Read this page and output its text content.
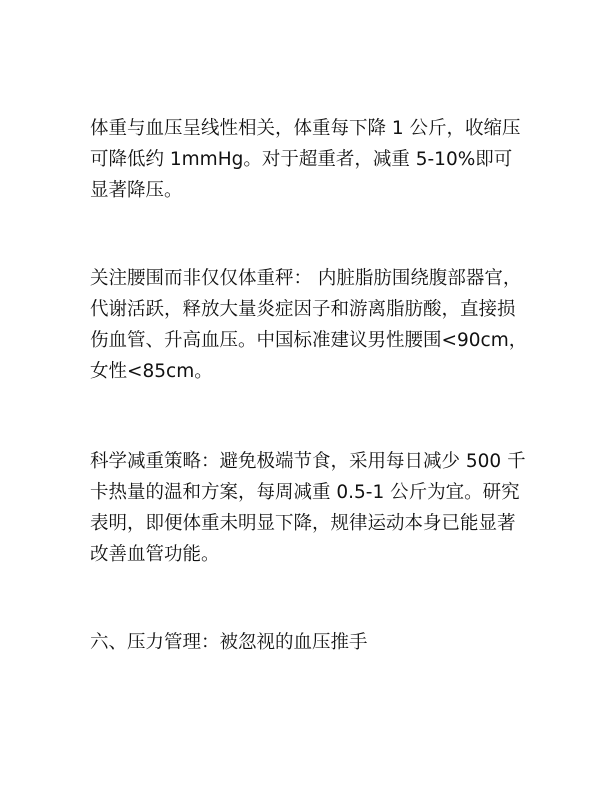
体重与血压呈线性相关，体重每下降 1 公斤，收缩压可降低约 1mmHg。对于超重者，减重 5-10%即可显著降压。

关注腰围而非仅仅体重秤： 内脏脂肪围绕腹部器官，代谢活跃，释放大量炎症因子和游离脂肪酸，直接损伤血管、升高血压。中国标准建议男性腰围<90cm，女性<85cm。

科学减重策略：避免极端节食，采用每日减少 500 千卡热量的温和方案，每周减重 0.5-1 公斤为宜。研究表明，即便体重未明显下降，规律运动本身已能显著改善血管功能。

六、压力管理：被忽视的血压推手
